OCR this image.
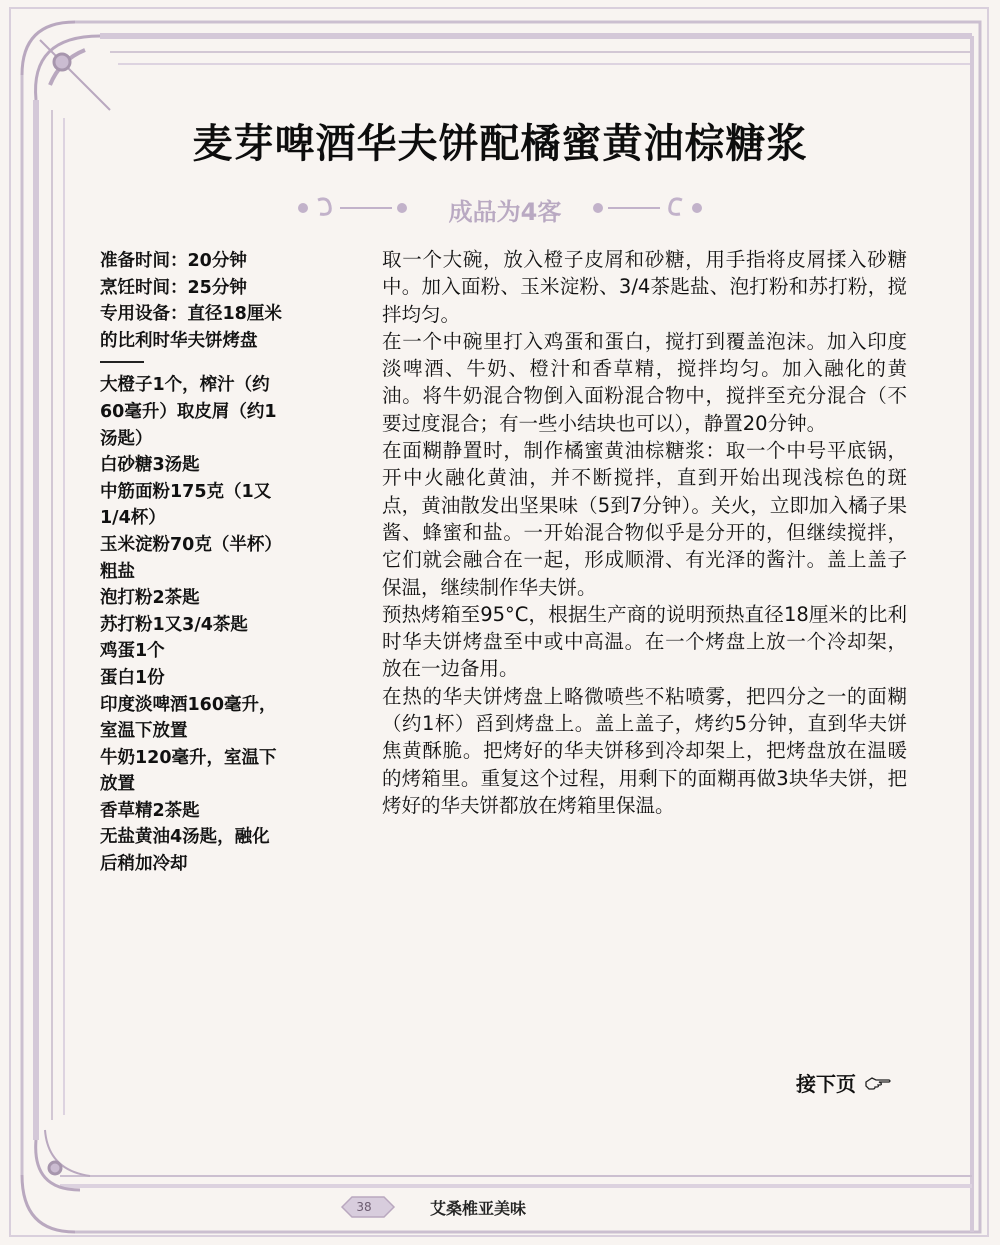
麦芽啤酒华夫饼配橘蜜黄油棕糖浆
成品为4客
准备时间：20分钟
烹饪时间：25分钟
专用设备：直径18厘米
的比利时华夫饼烤盘
大橙子1个，榨汁（约
60毫升）取皮屑（约1
汤匙）
白砂糖3汤匙
中筋面粉175克（1又
1/4杯）
玉米淀粉70克（半杯）
粗盐
泡打粉2茶匙
苏打粉1又3/4茶匙
鸡蛋1个
蛋白1份
印度淡啤酒160毫升，
室温下放置
牛奶120毫升，室温下
放置
香草精2茶匙
无盐黄油4汤匙，融化
后稍加冷却

取一个大碗，放入橙子皮屑和砂糖，用手指将皮屑揉入砂糖中。加入面粉、玉米淀粉、3/4茶匙盐、泡打粉和苏打粉，搅拌均匀。

在一个中碗里打入鸡蛋和蛋白，搅打到覆盖泡沫。加入印度淡啤酒、牛奶、橙汁和香草精，搅拌均匀。加入融化的黄油。将牛奶混合物倒入面粉混合物中，搅拌至充分混合（不要过度混合；有一些小结块也可以），静置20分钟。

在面糊静置时，制作橘蜜黄油棕糖浆：取一个中号平底锅，开中火融化黄油，并不断搅拌，直到开始出现浅棕色的斑点，黄油散发出坚果味（5到7分钟）。关火，立即加入橘子果酱、蜂蜜和盐。一开始混合物似乎是分开的，但继续搅拌，它们就会融合在一起，形成顺滑、有光泽的酱汁。盖上盖子保温，继续制作华夫饼。

预热烤箱至95°C，根据生产商的说明预热直径18厘米的比利时华夫饼烤盘至中或中高温。在一个烤盘上放一个冷却架，放在一边备用。

在热的华夫饼烤盘上略微喷些不粘喷雾，把四分之一的面糊（约1杯）舀到烤盘上。盖上盖子，烤约5分钟，直到华夫饼焦黄酥脆。把烤好的华夫饼移到冷却架上，把烤盘放在温暖的烤箱里。重复这个过程，用剩下的面糊再做3块华夫饼，把烤好的华夫饼都放在烤箱里保温。

接下页
38	艾桑椎亚美味
